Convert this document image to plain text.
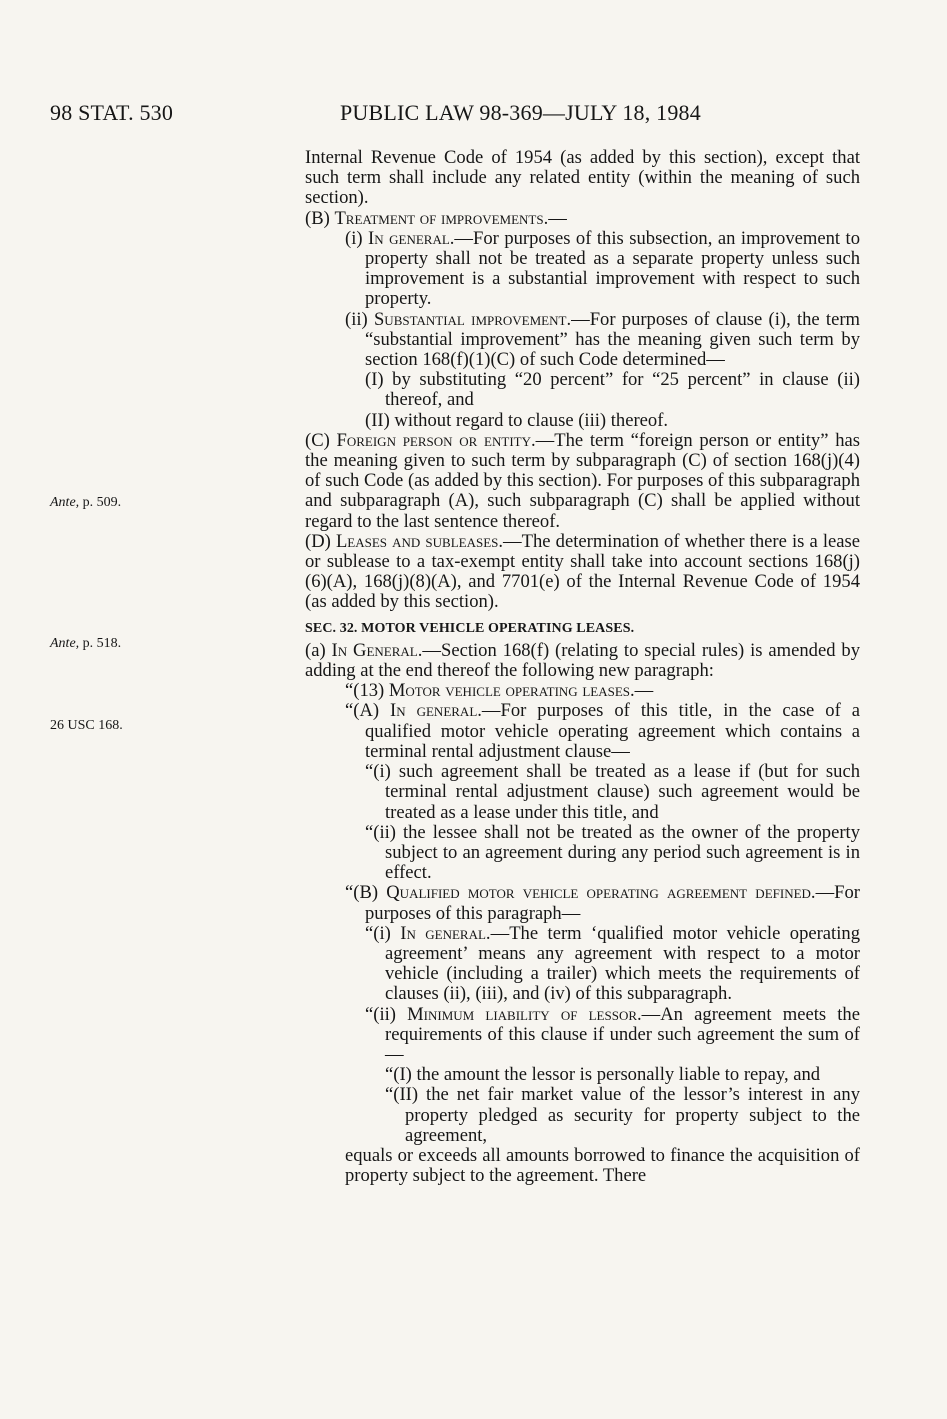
98 STAT. 530	PUBLIC LAW 98-369—JULY 18, 1984
Ante, p. 509.
Ante, p. 518.
26 USC 168.

Internal Revenue Code of 1954 (as added by this section), except that such term shall include any related entity (within the meaning of such section).

(B) Treatment of improvements.—

(i) In general.—For purposes of this subsection, an improvement to property shall not be treated as a separate property unless such improvement is a substantial improvement with respect to such property.

(ii) Substantial improvement.—For purposes of clause (i), the term “substantial improvement” has the meaning given such term by section 168(f)(1)(C) of such Code determined—

(I) by substituting “20 percent” for “25 percent” in clause (ii) thereof, and

(II) without regard to clause (iii) thereof.

(C) Foreign person or entity.—The term “foreign person or entity” has the meaning given to such term by subparagraph (C) of section 168(j)(4) of such Code (as added by this section). For purposes of this subparagraph and subparagraph (A), such subparagraph (C) shall be applied without regard to the last sentence thereof.

(D) Leases and subleases.—The determination of whether there is a lease or sublease to a tax-exempt entity shall take into account sections 168(j)(6)(A), 168(j)(8)(A), and 7701(e) of the Internal Revenue Code of 1954 (as added by this section).

SEC. 32. MOTOR VEHICLE OPERATING LEASES.

(a) In General.—Section 168(f) (relating to special rules) is amended by adding at the end thereof the following new paragraph:

“(13) Motor vehicle operating leases.—

“(A) In general.—For purposes of this title, in the case of a qualified motor vehicle operating agreement which contains a terminal rental adjustment clause—

“(i) such agreement shall be treated as a lease if (but for such terminal rental adjustment clause) such agreement would be treated as a lease under this title, and

“(ii) the lessee shall not be treated as the owner of the property subject to an agreement during any period such agreement is in effect.

“(B) Qualified motor vehicle operating agreement defined.—For purposes of this paragraph—

“(i) In general.—The term ‘qualified motor vehicle operating agreement’ means any agreement with respect to a motor vehicle (including a trailer) which meets the requirements of clauses (ii), (iii), and (iv) of this subparagraph.

“(ii) Minimum liability of lessor.—An agreement meets the requirements of this clause if under such agreement the sum of—

“(I) the amount the lessor is personally liable to repay, and

“(II) the net fair market value of the lessor’s interest in any property pledged as security for property subject to the agreement,

equals or exceeds all amounts borrowed to finance the acquisition of property subject to the agreement. There
